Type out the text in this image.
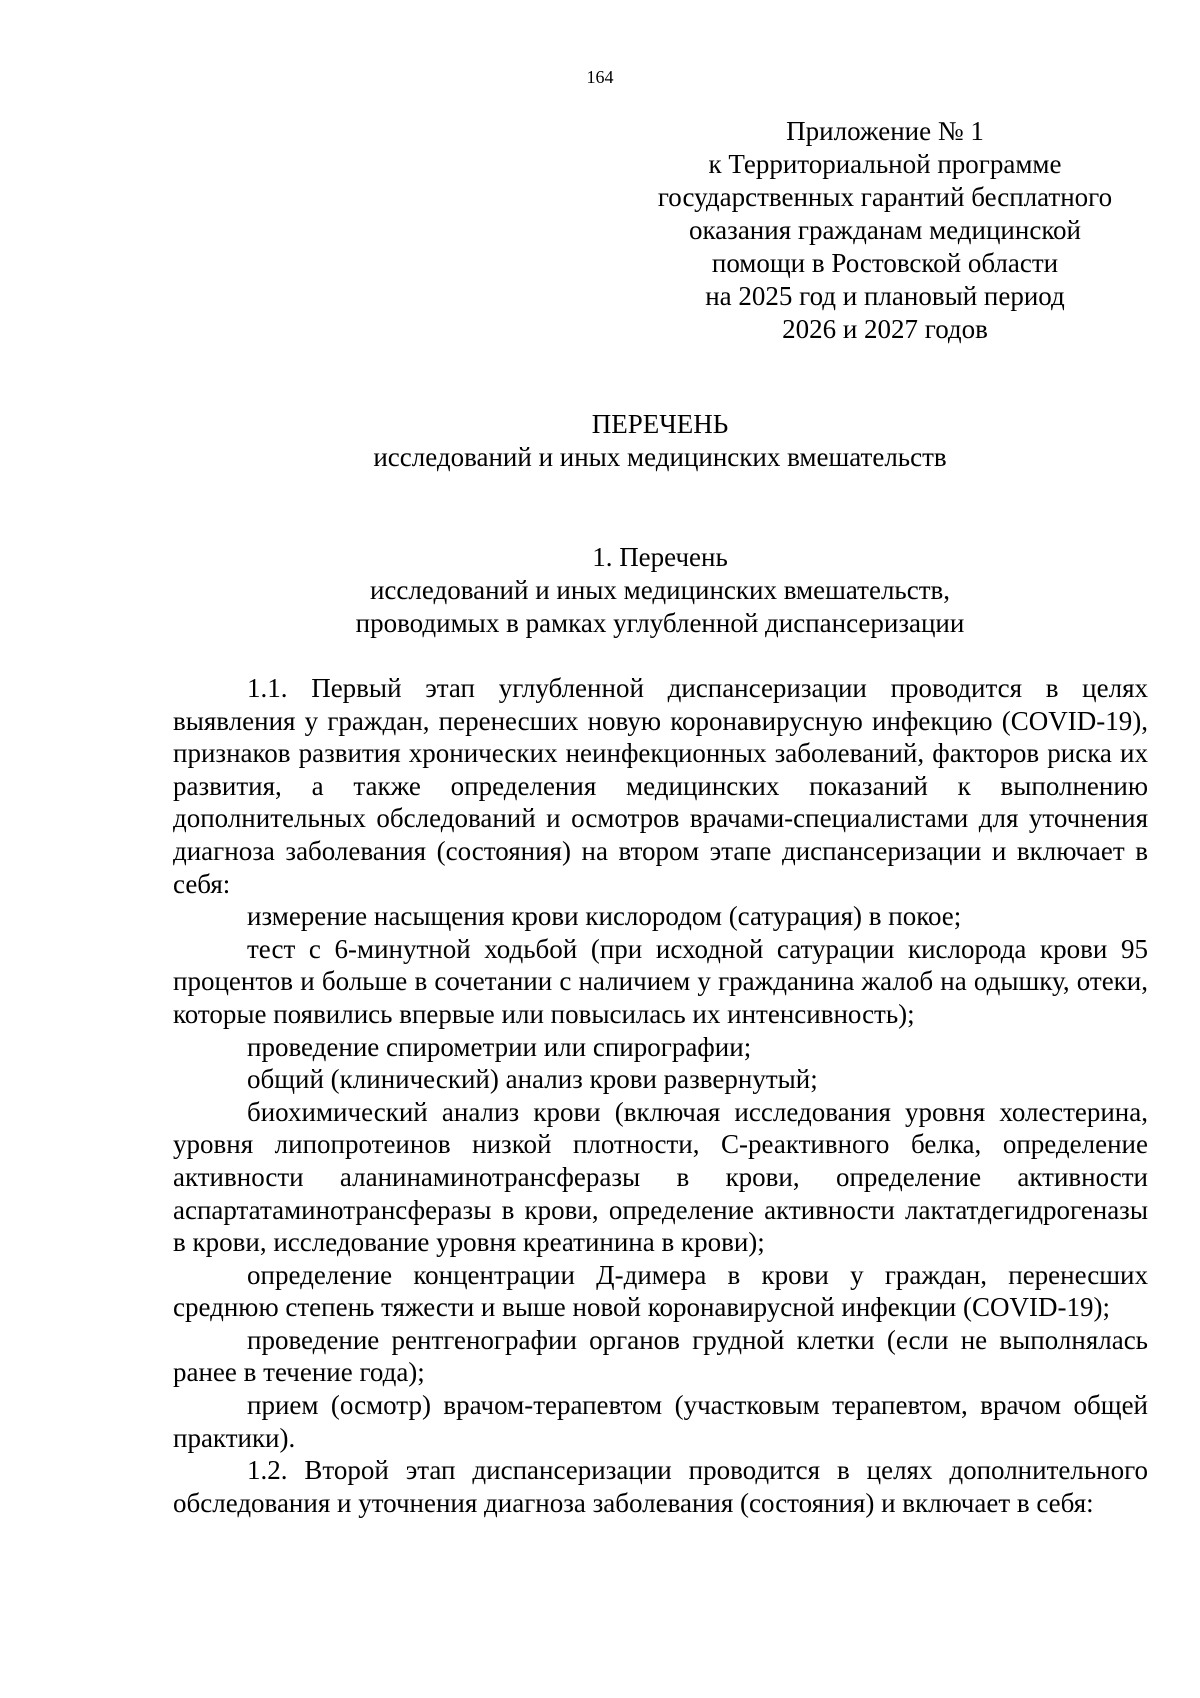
164
Приложение № 1
к Территориальной программе
государственных гарантий бесплатного
оказания гражданам медицинской
помощи в Ростовской области
на 2025 год и плановый период
2026 и 2027 годов
ПЕРЕЧЕНЬ
исследований и иных медицинских вмешательств
1. Перечень
исследований и иных медицинских вмешательств,
проводимых в рамках углубленной диспансеризации

1.1. Первый этап углубленной диспансеризации проводится в целях выявления у граждан, перенесших новую коронавирусную инфекцию (COVID-19), признаков развития хронических неинфекционных заболеваний, факторов риска их развития, а также определения медицинских показаний к выполнению дополнительных обследований и осмотров врачами-специалистами для уточнения диагноза заболевания (состояния) на втором этапе диспансеризации и включает в себя:

измерение насыщения крови кислородом (сатурация) в покое;

тест с 6-минутной ходьбой (при исходной сатурации кислорода крови 95 процентов и больше в сочетании с наличием у гражданина жалоб на одышку, отеки, которые появились впервые или повысилась их интенсивность);

проведение спирометрии или спирографии;

общий (клинический) анализ крови развернутый;

биохимический анализ крови (включая исследования уровня холестерина, уровня липопротеинов низкой плотности, С-реактивного белка, определение активности аланинаминотрансферазы в крови, определение активности аспартатаминотрансферазы в крови, определение активности лактатдегидрогеназы в крови, исследование уровня креатинина в крови);

определение концентрации Д-димера в крови у граждан, перенесших среднюю степень тяжести и выше новой коронавирусной инфекции (COVID-19);

проведение рентгенографии органов грудной клетки (если не выполнялась ранее в течение года);

прием (осмотр) врачом-терапевтом (участковым терапевтом, врачом общей практики).

1.2. Второй этап диспансеризации проводится в целях дополнительного обследования и уточнения диагноза заболевания (состояния) и включает в себя:
